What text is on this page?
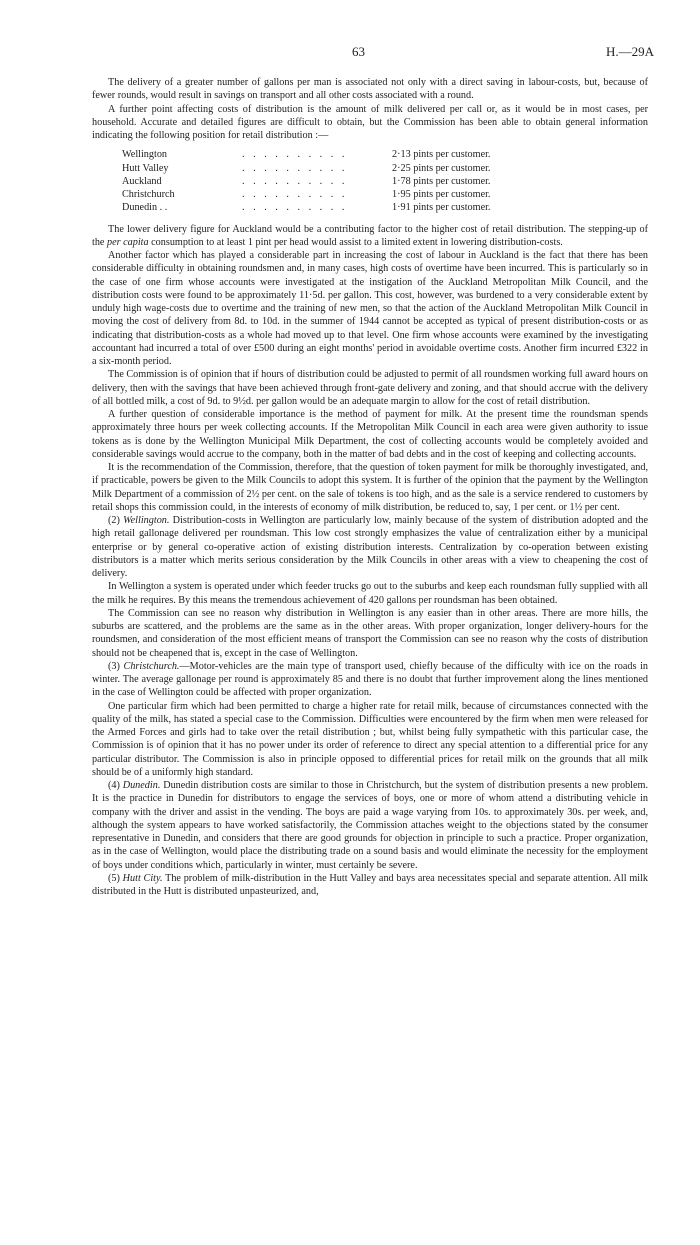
63	H.—29A

The delivery of a greater number of gallons per man is associated not only with a direct saving in labour-costs, but, because of fewer rounds, would result in savings on transport and all other costs associated with a round.

A further point affecting costs of distribution is the amount of milk delivered per call or, as it would be in most cases, per household. Accurate and detailed figures are difficult to obtain, but the Commission has been able to obtain general information indicating the following position for retail distribution :—

Wellington	. . . . . . . . . .	2·13 pints per customer.
Hutt Valley	. . . . . . . . . .	2·25 pints per customer.
Auckland	. . . . . . . . . .	1·78 pints per customer.
Christchurch	. . . . . . . . . .	1·95 pints per customer.
Dunedin . .	. . . . . . . . . .	1·91 pints per customer.

The lower delivery figure for Auckland would be a contributing factor to the higher cost of retail distribution. The stepping-up of the per capita consumption to at least 1 pint per head would assist to a limited extent in lowering distribution-costs.

Another factor which has played a considerable part in increasing the cost of labour in Auckland is the fact that there has been considerable difficulty in obtaining roundsmen and, in many cases, high costs of overtime have been incurred. This is particularly so in the case of one firm whose accounts were investigated at the instigation of the Auckland Metropolitan Milk Council, and the distribution costs were found to be approximately 11·5d. per gallon. This cost, however, was burdened to a very considerable extent by unduly high wage-costs due to overtime and the training of new men, so that the action of the Auckland Metropolitan Milk Council in moving the cost of delivery from 8d. to 10d. in the summer of 1944 cannot be accepted as typical of present distribution-costs or as indicating that distribution-costs as a whole had moved up to that level. One firm whose accounts were examined by the investigating accountant had incurred a total of over £500 during an eight months' period in avoidable overtime costs. Another firm incurred £322 in a six-month period.

The Commission is of opinion that if hours of distribution could be adjusted to permit of all roundsmen working full award hours on delivery, then with the savings that have been achieved through front-gate delivery and zoning, and that should accrue with the delivery of all bottled milk, a cost of 9d. to 9½d. per gallon would be an adequate margin to allow for the cost of retail distribution.

A further question of considerable importance is the method of payment for milk. At the present time the roundsman spends approximately three hours per week collecting accounts. If the Metropolitan Milk Council in each area were given authority to issue tokens as is done by the Wellington Municipal Milk Department, the cost of collecting accounts would be completely avoided and considerable savings would accrue to the company, both in the matter of bad debts and in the cost of keeping and collecting accounts.

It is the recommendation of the Commission, therefore, that the question of token payment for milk be thoroughly investigated, and, if practicable, powers be given to the Milk Councils to adopt this system. It is further of the opinion that the payment by the Wellington Milk Department of a commission of 2½ per cent. on the sale of tokens is too high, and as the sale is a service rendered to customers by retail shops this commission could, in the interests of economy of milk distribution, be reduced to, say, 1 per cent. or 1½ per cent.

(2) Wellington. Distribution-costs in Wellington are particularly low, mainly because of the system of distribution adopted and the high retail gallonage delivered per roundsman. This low cost strongly emphasizes the value of centralization either by a municipal enterprise or by general co-operative action of existing distribution interests. Centralization by co-operation between existing distributors is a matter which merits serious consideration by the Milk Councils in other areas with a view to cheapening the cost of delivery.

In Wellington a system is operated under which feeder trucks go out to the suburbs and keep each roundsman fully supplied with all the milk he requires. By this means the tremendous achievement of 420 gallons per roundsman has been obtained.

The Commission can see no reason why distribution in Wellington is any easier than in other areas. There are more hills, the suburbs are scattered, and the problems are the same as in the other areas. With proper organization, longer delivery-hours for the roundsmen, and consideration of the most efficient means of transport the Commission can see no reason why the costs of distribution should not be cheapened that is, except in the case of Wellington.

(3) Christchurch.—Motor-vehicles are the main type of transport used, chiefly because of the difficulty with ice on the roads in winter. The average gallonage per round is approximately 85 and there is no doubt that further improvement along the lines mentioned in the case of Wellington could be affected with proper organization.

One particular firm which had been permitted to charge a higher rate for retail milk, because of circumstances connected with the quality of the milk, has stated a special case to the Commission. Difficulties were encountered by the firm when men were released for the Armed Forces and girls had to take over the retail distribution ; but, whilst being fully sympathetic with this particular case, the Commission is of opinion that it has no power under its order of reference to direct any special attention to a differential price for any particular distributor. The Commission is also in principle opposed to differential prices for retail milk on the grounds that all milk should be of a uniformly high standard.

(4) Dunedin. Dunedin distribution costs are similar to those in Christchurch, but the system of distribution presents a new problem. It is the practice in Dunedin for distributors to engage the services of boys, one or more of whom attend a distributing vehicle in company with the driver and assist in the vending. The boys are paid a wage varying from 10s. to approximately 30s. per week, and, although the system appears to have worked satisfactorily, the Commission attaches weight to the objections stated by the consumer representative in Dunedin, and considers that there are good grounds for objection in principle to such a practice. Proper organization, as in the case of Wellington, would place the distributing trade on a sound basis and would eliminate the necessity for the employment of boys under conditions which, particularly in winter, must certainly be severe.

(5) Hutt City. The problem of milk-distribution in the Hutt Valley and bays area necessitates special and separate attention. All milk distributed in the Hutt is distributed unpasteurized, and,
